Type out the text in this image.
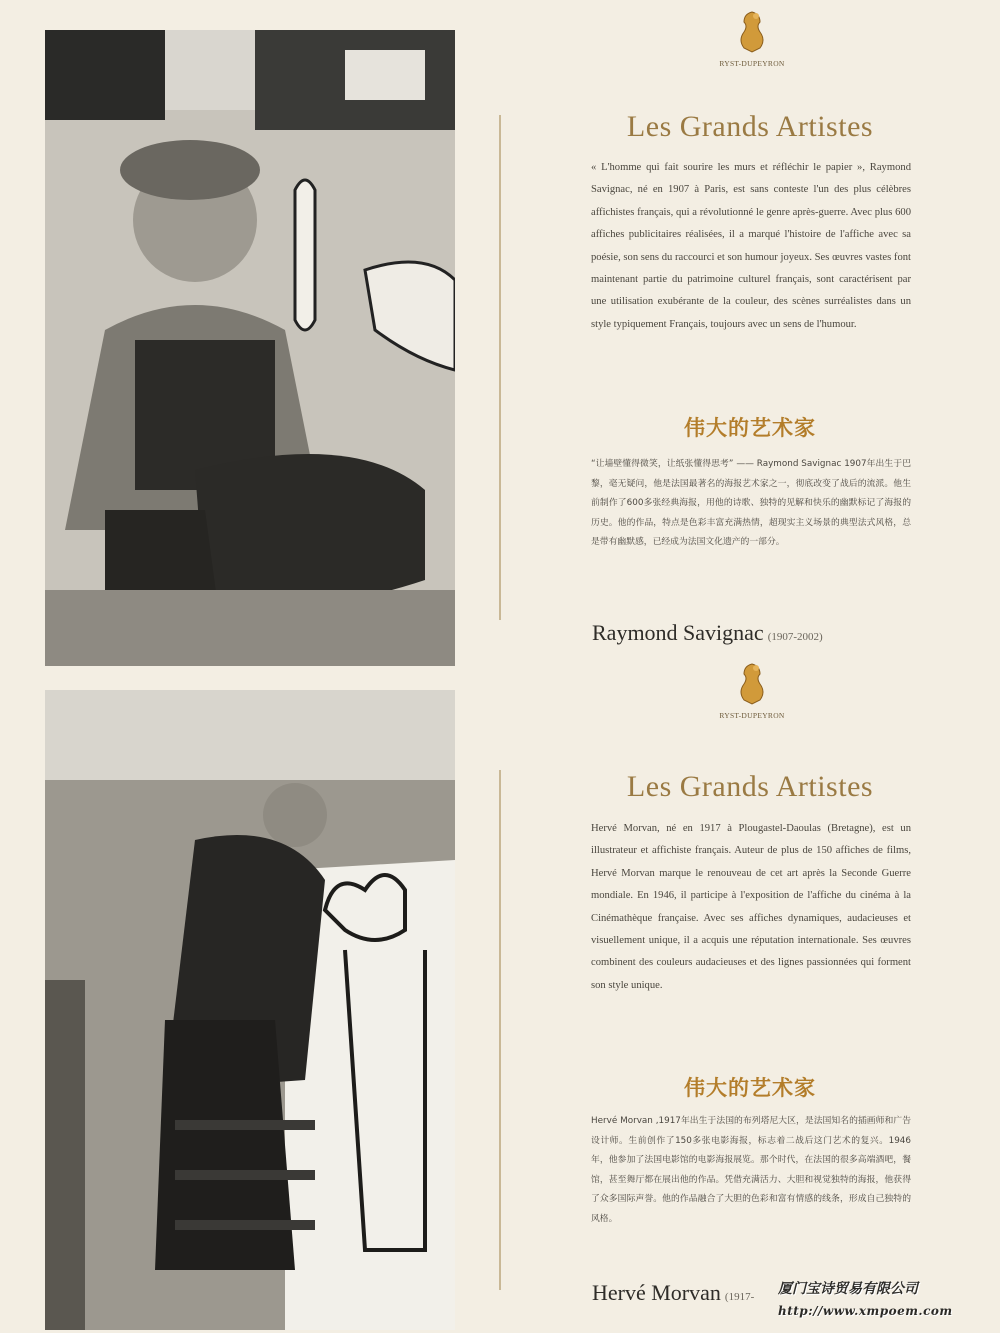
RYST-DUPEYRON
Les Grands Artistes
« L'homme qui fait sourire les murs et réfléchir le papier », Raymond Savignac, né en 1907 à Paris, est sans conteste l'un des plus célèbres affichistes français, qui a révolutionné le genre après-guerre. Avec plus 600 affiches publicitaires réalisées, il a marqué l'histoire de l'affiche avec sa poésie, son sens du raccourci et son humour joyeux. Ses œuvres vastes font maintenant partie du patrimoine culturel français, sont caractérisent par une utilisation exubérante de la couleur, des scènes surréalistes dans un style typiquement Français, toujours avec un sens de l'humour.
伟大的艺术家
“让墙壁懂得微笑，让纸张懂得思考” —— Raymond Savignac 1907年出生于巴黎，毫无疑问，他是法国最著名的海报艺术家之一，彻底改变了战后的流派。他生前制作了600多张经典海报，用他的诗歌、独特的见解和快乐的幽默标记了海报的历史。他的作品，特点是色彩丰富充满热情，超现实主义场景的典型法式风格，总是带有幽默感，已经成为法国文化遗产的一部分。
Raymond Savignac (1907-2002)
RYST-DUPEYRON
Les Grands Artistes
Hervé Morvan, né en 1917 à Plougastel-Daoulas (Bretagne), est un illustrateur et affichiste français. Auteur de plus de 150 affiches de films, Hervé Morvan marque le renouveau de cet art après la Seconde Guerre mondiale. En 1946, il participe à l'exposition de l'affiche du cinéma à la Cinémathèque française. Avec ses affiches dynamiques, audacieuses et visuellement unique, il a acquis une réputation internationale. Ses œuvres combinent des couleurs audacieuses et des lignes passionnées qui forment son style unique.
伟大的艺术家
Hervé Morvan ,1917年出生于法国的布列塔尼大区，是法国知名的插画师和广告设计师。生前创作了150多张电影海报，标志着二战后这门艺术的复兴。1946年，他参加了法国电影馆的电影海报展览。那个时代，在法国的很多高端酒吧，餐馆，甚至舞厅都在展出他的作品。凭借充满活力、大胆和视觉独特的海报，他获得了众多国际声誉。他的作品融合了大胆的色彩和富有情感的线条，形成自己独特的风格。
Hervé Morvan (1917- 厦门宝诗贸易有限公司
http://www.xmpoem.com
